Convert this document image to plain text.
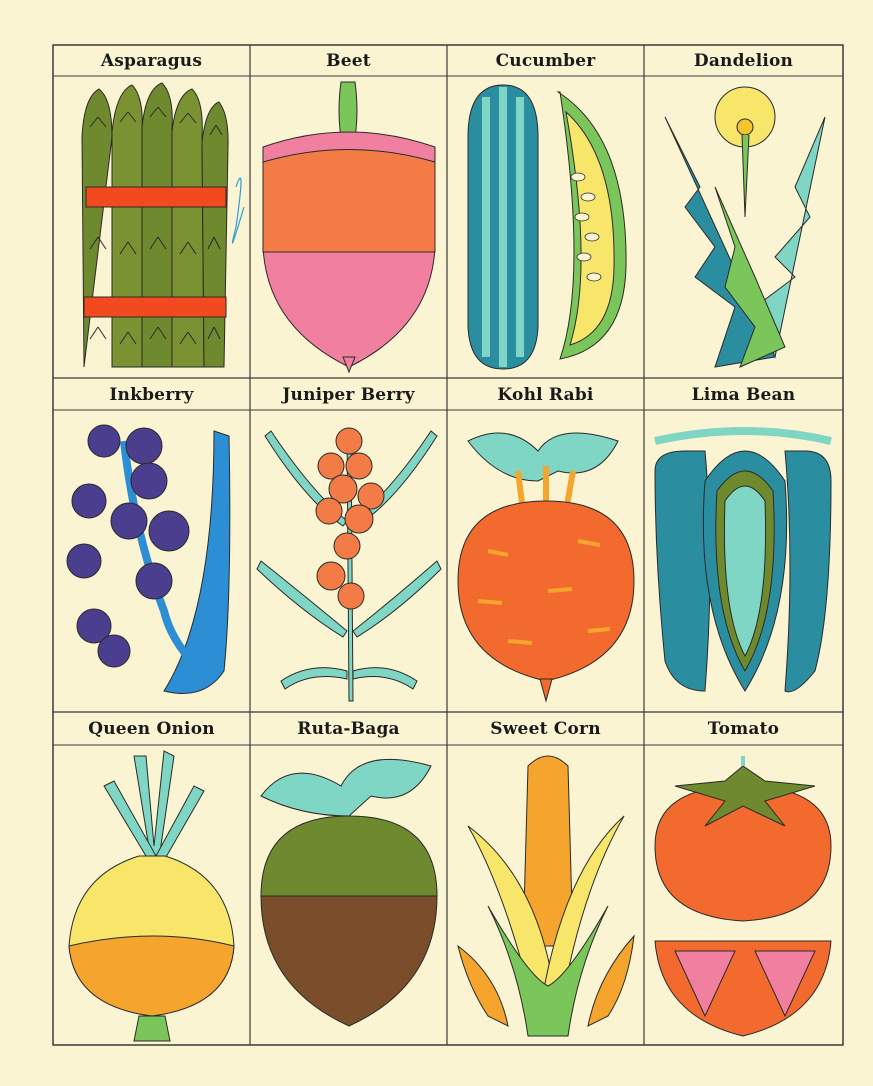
Asparagus	Beet	Cucumber	Dandelion
Inkberry	Juniper Berry	Kohl Rabi	Lima Bean
Queen Onion	Ruta-Baga	Sweet Corn	Tomato
